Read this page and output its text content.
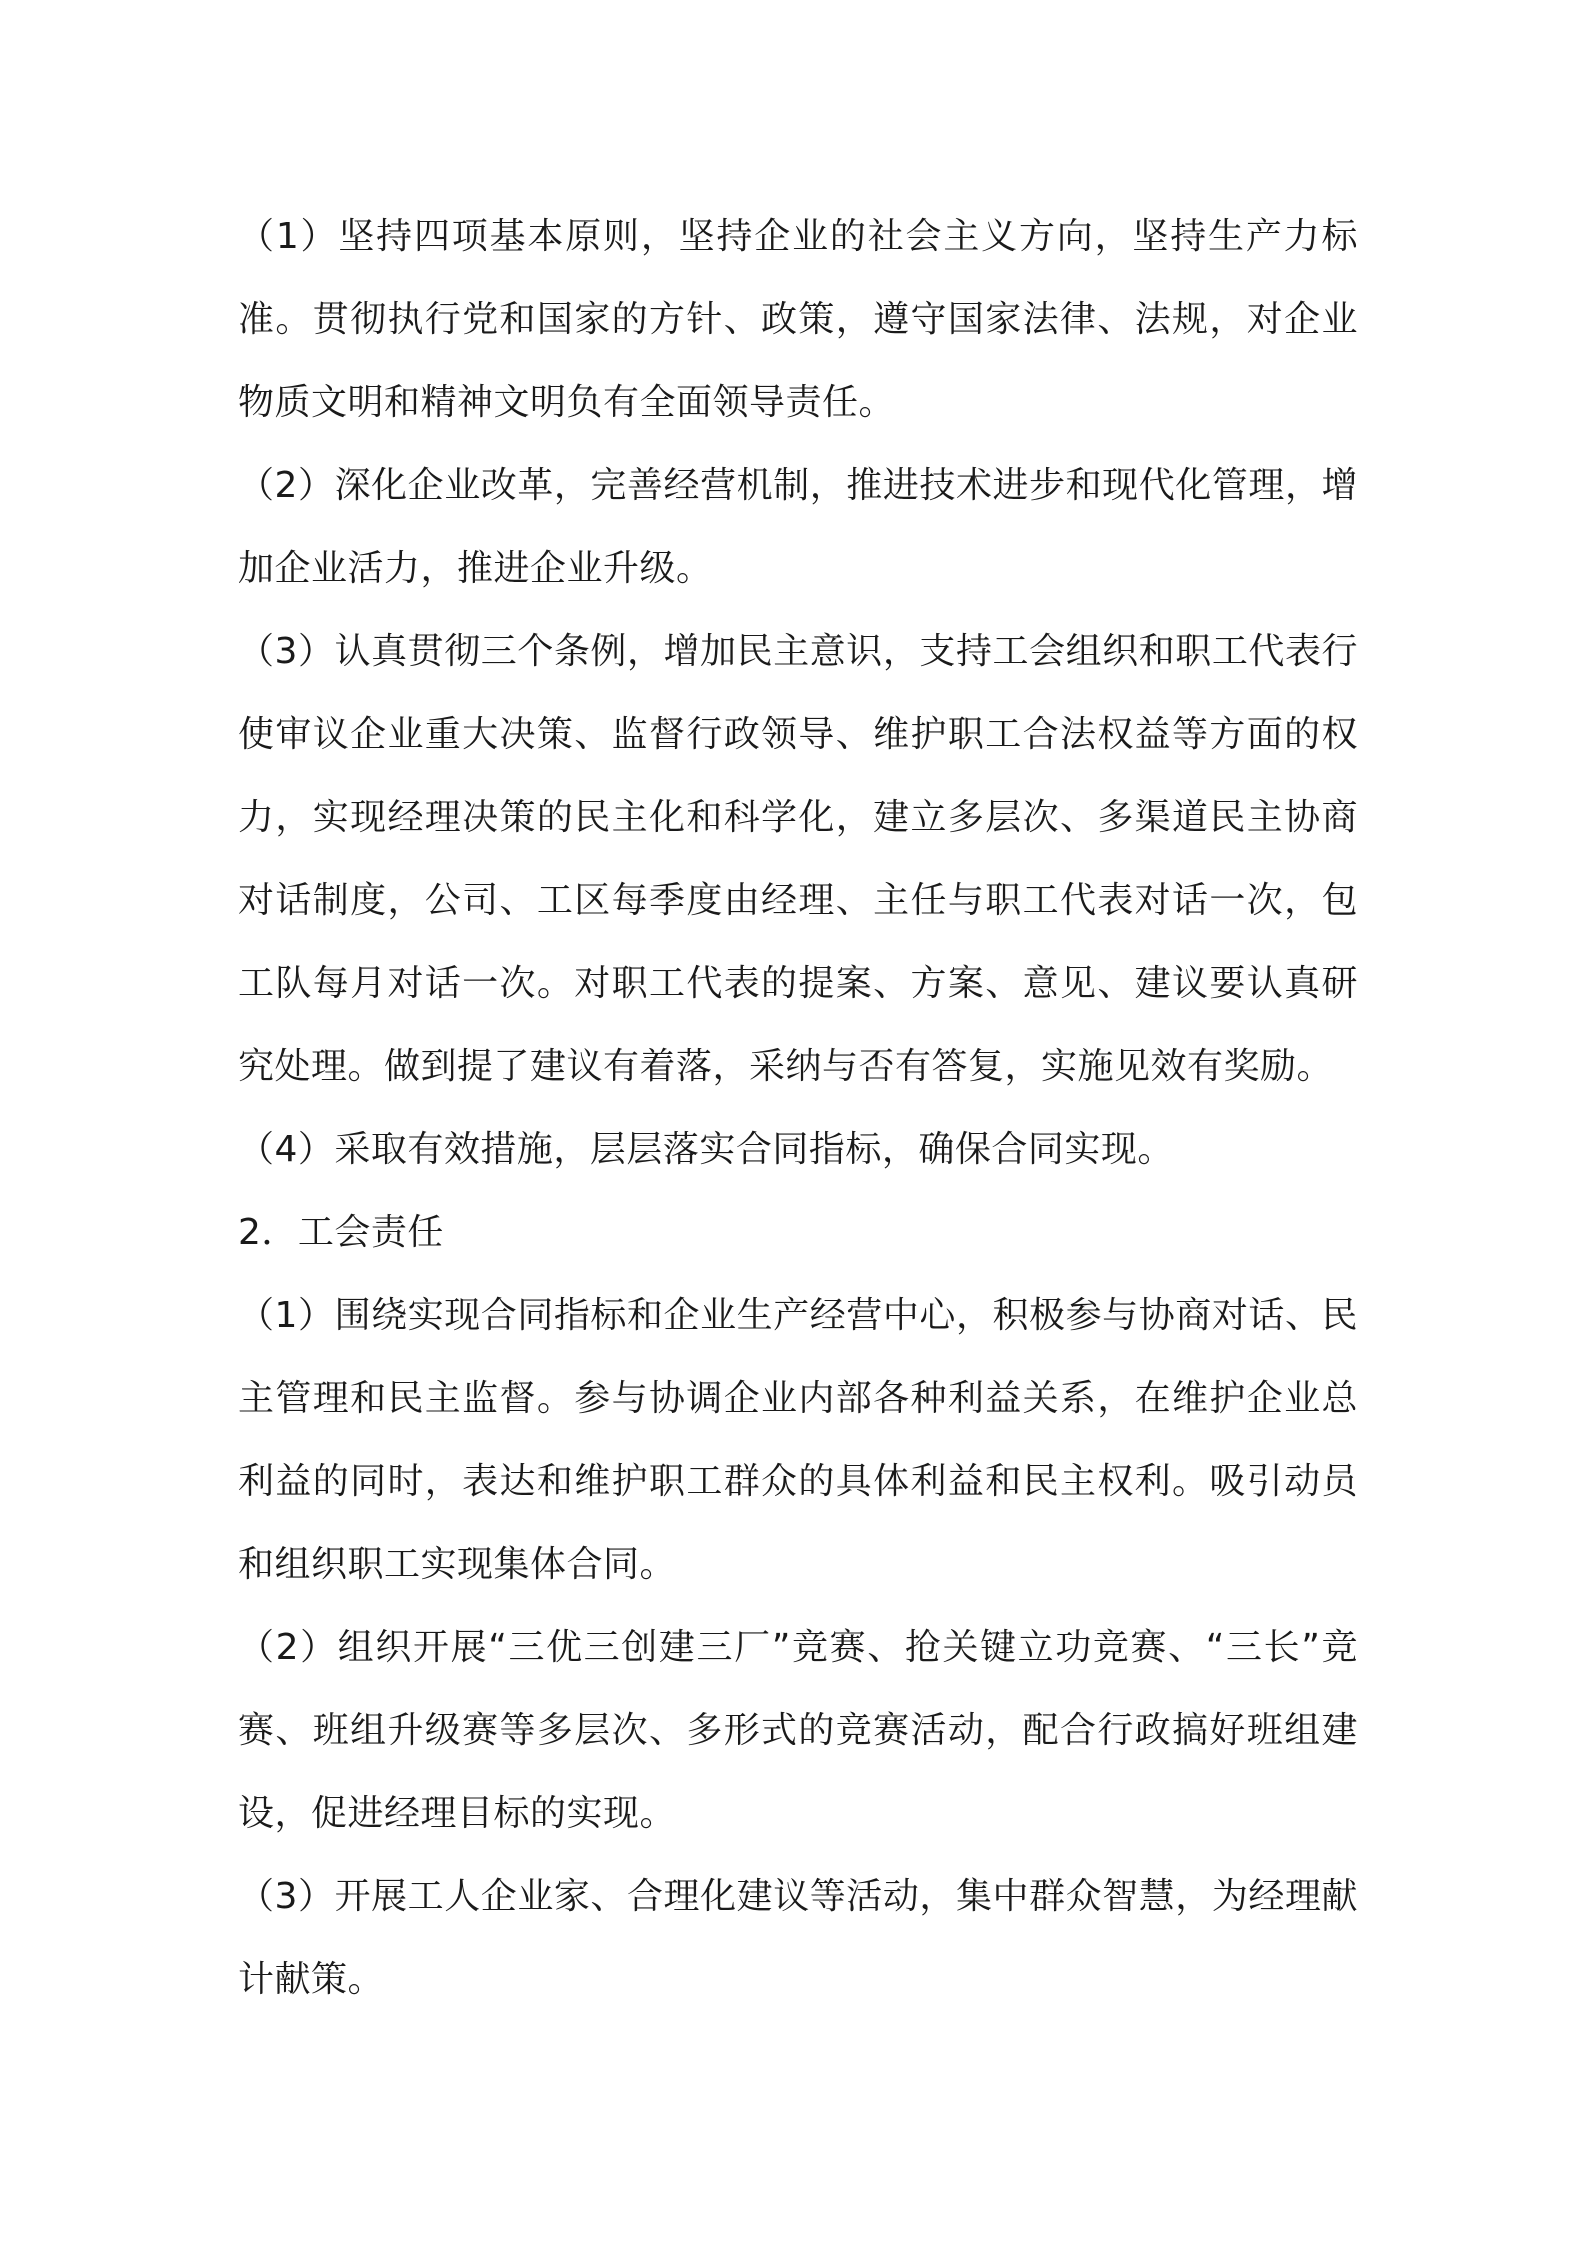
（1）坚持四项基本原则，坚持企业的社会主义方向，坚持生产力标准。贯彻执行党和国家的方针、政策，遵守国家法律、法规，对企业物质文明和精神文明负有全面领导责任。

（2）深化企业改革，完善经营机制，推进技术进步和现代化管理，增加企业活力，推进企业升级。

（3）认真贯彻三个条例，增加民主意识，支持工会组织和职工代表行使审议企业重大决策、监督行政领导、维护职工合法权益等方面的权力，实现经理决策的民主化和科学化，建立多层次、多渠道民主协商对话制度，公司、工区每季度由经理、主任与职工代表对话一次，包工队每月对话一次。对职工代表的提案、方案、意见、建议要认真研究处理。做到提了建议有着落，采纳与否有答复，实施见效有奖励。

（4）采取有效措施，层层落实合同指标，确保合同实现。

2．工会责任

（1）围绕实现合同指标和企业生产经营中心，积极参与协商对话、民主管理和民主监督。参与协调企业内部各种利益关系，在维护企业总利益的同时，表达和维护职工群众的具体利益和民主权利。吸引动员和组织职工实现集体合同。

（2）组织开展“三优三创建三厂”竞赛、抢关键立功竞赛、“三长”竞赛、班组升级赛等多层次、多形式的竞赛活动，配合行政搞好班组建设，促进经理目标的实现。

（3）开展工人企业家、合理化建议等活动，集中群众智慧，为经理献计献策。
